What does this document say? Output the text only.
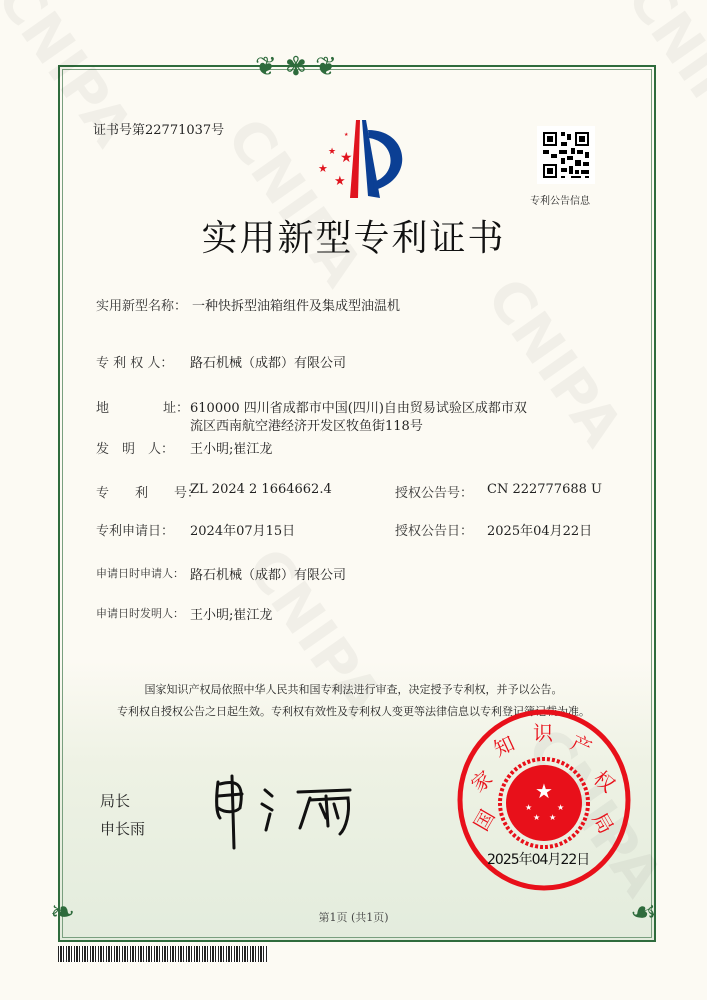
❦ ✾ ❦
❧	☙
证书号第22771037号
★
★
★
★
★
专利公告信息
实用新型专利证书
实用新型名称： 一种快拆型油箱组件及集成型油温机
专 利 权 人： 路石机械（成都）有限公司
地	址： 610000 四川省成都市中国(四川)自由贸易试验区成都市双
流区西南航空港经济开发区牧鱼街118号
发　明　人： 王小明;崔江龙
专　　利　　号：
ZL 2024 2 1664662.4	授权公告号： CN 222777688 U
专利申请日： 2024年07月15日	授权公告日： 2025年04月22日
申请日时申请人： 路石机械（成都）有限公司
申请日时发明人： 王小明;崔江龙
国家知识产权局依照中华人民共和国专利法进行审查，决定授予专利权，并予以公告。
专利权自授权公告之日起生效。专利权有效性及专利权人变更等法律信息以专利登记簿记载为准。
局长
申长雨
★
★	★
★ ★
国
家
知 识 产
权
局
2025年04月22日
第1页 (共1页)
